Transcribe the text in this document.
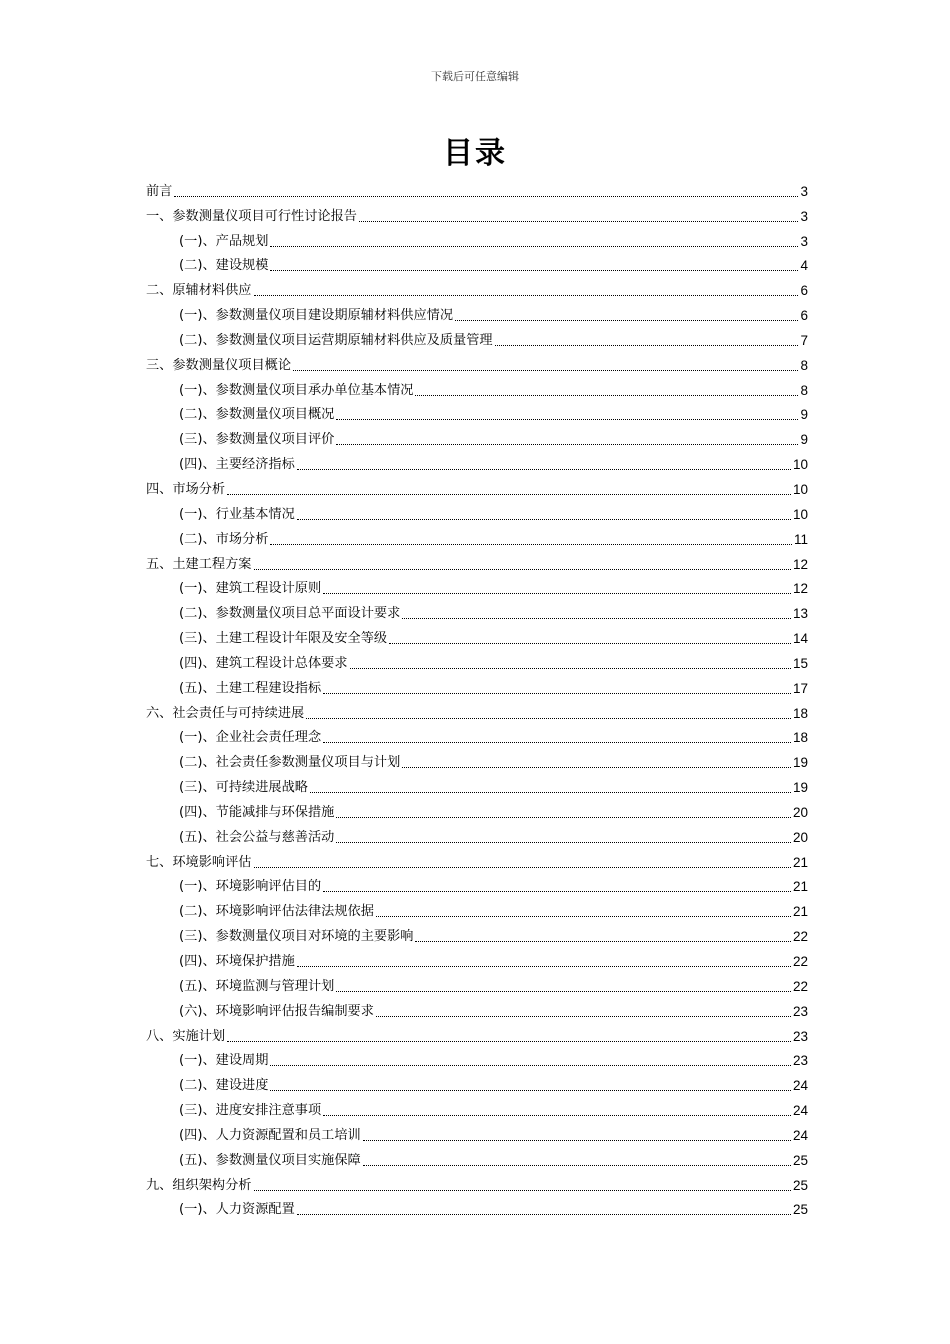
下载后可任意编辑
目录
前言	3
一、参数测量仪项目可行性讨论报告	3
(一)、产品规划	3
(二)、建设规模	4
二、原辅材料供应	6
(一)、参数测量仪项目建设期原辅材料供应情况	6
(二)、参数测量仪项目运营期原辅材料供应及质量管理	7
三、参数测量仪项目概论	8
(一)、参数测量仪项目承办单位基本情况	8
(二)、参数测量仪项目概况	9
(三)、参数测量仪项目评价	9
(四)、主要经济指标	10
四、市场分析	10
(一)、行业基本情况	10
(二)、市场分析	11
五、土建工程方案	12
(一)、建筑工程设计原则	12
(二)、参数测量仪项目总平面设计要求	13
(三)、土建工程设计年限及安全等级	14
(四)、建筑工程设计总体要求	15
(五)、土建工程建设指标	17
六、社会责任与可持续进展	18
(一)、企业社会责任理念	18
(二)、社会责任参数测量仪项目与计划	19
(三)、可持续进展战略	19
(四)、节能减排与环保措施	20
(五)、社会公益与慈善活动	20
七、环境影响评估	21
(一)、环境影响评估目的	21
(二)、环境影响评估法律法规依据	21
(三)、参数测量仪项目对环境的主要影响	22
(四)、环境保护措施	22
(五)、环境监测与管理计划	22
(六)、环境影响评估报告编制要求	23
八、实施计划	23
(一)、建设周期	23
(二)、建设进度	24
(三)、进度安排注意事项	24
(四)、人力资源配置和员工培训	24
(五)、参数测量仪项目实施保障	25
九、组织架构分析	25
(一)、人力资源配置	25
